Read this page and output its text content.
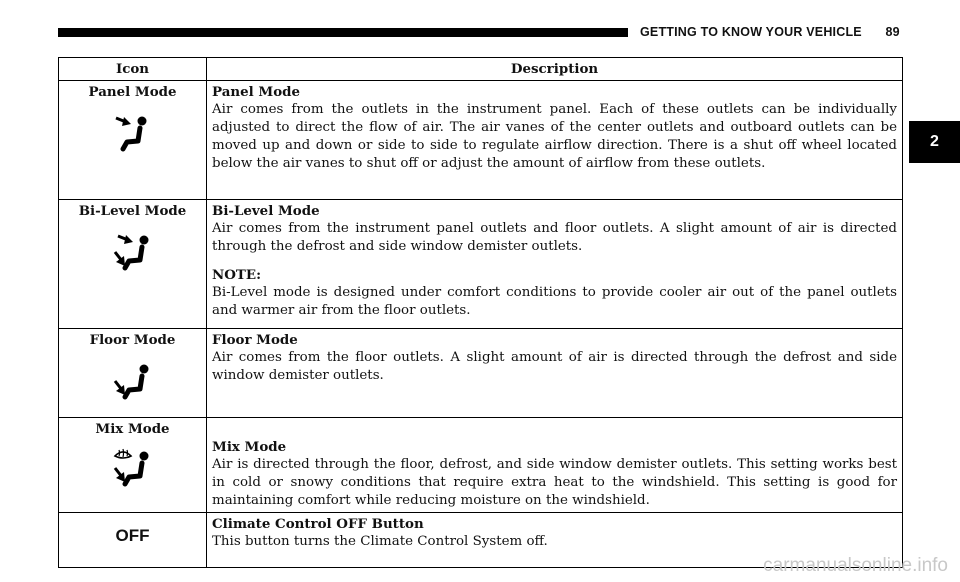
GETTING TO KNOW YOUR VEHICLE 89
2
Icon	Description

Panel Mode	Panel Mode
Air comes from the outlets in the instrument panel. Each of these outlets can be individually adjusted to direct the flow of air. The air vanes of the center outlets and outboard outlets can be moved up and down or side to side to regulate airflow direction. There is a shut off wheel located below the air vanes to shut off or adjust the amount of airflow from these outlets.

Bi-Level Mode	Bi-Level Mode
Air comes from the instrument panel outlets and floor outlets. A slight amount of air is directed through the defrost and side window demister outlets.
NOTE:
Bi-Level mode is designed under comfort conditions to provide cooler air out of the panel outlets and warmer air from the floor outlets.

Floor Mode	Floor Mode
Air comes from the floor outlets. A slight amount of air is directed through the defrost and side window demister outlets.

Mix Mode	Mix Mode
Air is directed through the floor, defrost, and side window demister outlets. This setting works best in cold or snowy conditions that require extra heat to the windshield. This setting is good for maintaining comfort while reducing moisture on the windshield.

OFF	Climate Control OFF Button
This button turns the Climate Control System off.
carmanualsonline.info
